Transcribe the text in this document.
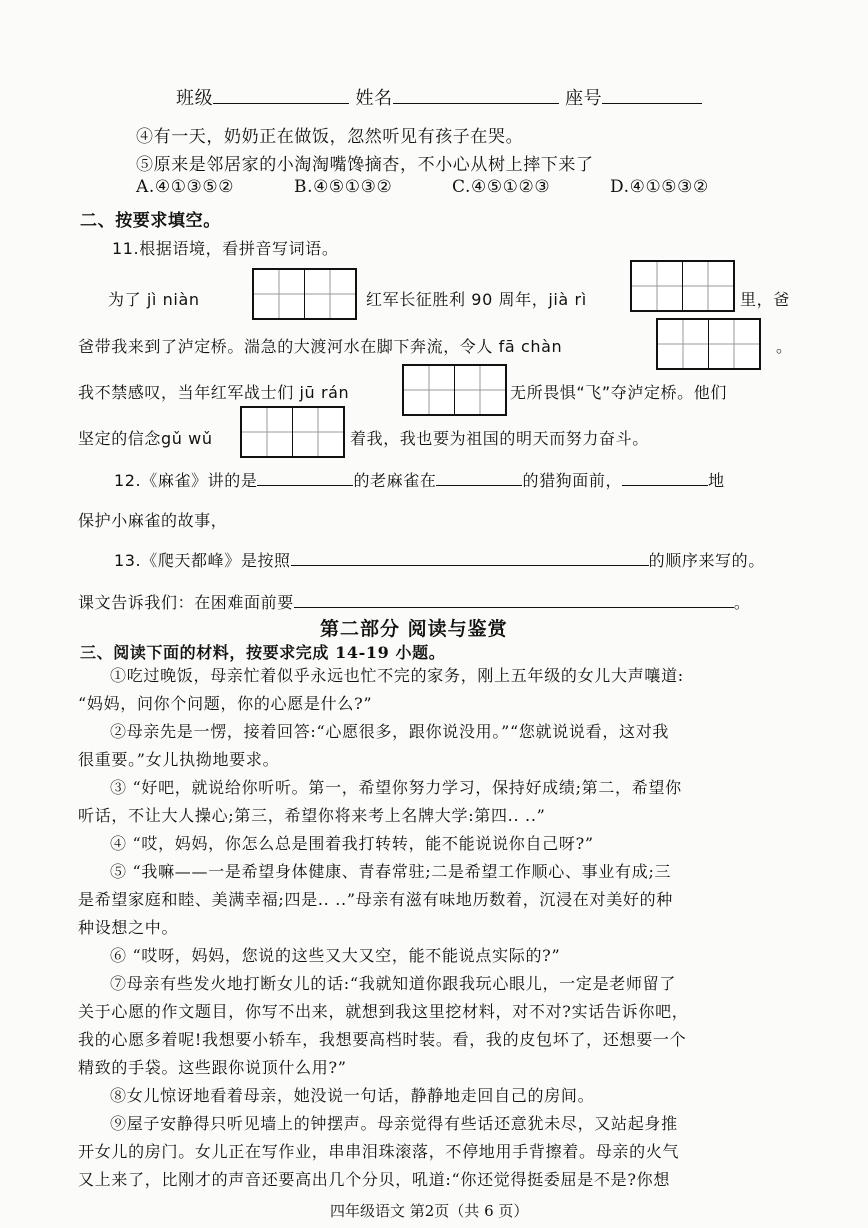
班级	姓名	座号
④有一天，奶奶正在做饭，忽然听见有孩子在哭。
⑤原来是邻居家的小淘淘嘴馋摘杏，不小心从树上摔下来了
A.④①③⑤②	B.④⑤①③②	C.④⑤①②③	D.④①⑤③②
二、按要求填空。
11.根据语境，看拼音写词语。
为了 jì niàn	红军长征胜利 90 周年，jià rì	里，爸
爸带我来到了泸定桥。湍急的大渡河水在脚下奔流，令人 fā chàn	。
我不禁感叹，当年红军战士们 jū rán	无所畏惧“飞”夺泸定桥。他们
坚定的信念gǔ wǔ	着我，我也要为祖国的明天而努力奋斗。
12.《麻雀》讲的是	的老麻雀在	的猎狗面前，	地
保护小麻雀的故事，
13.《爬天都峰》是按照	的顺序来写的。
课文告诉我们：在困难面前要	。
第二部分 阅读与鉴赏
三、阅读下面的材料，按要求完成 14-19 小题。
①吃过晚饭，母亲忙着似乎永远也忙不完的家务，刚上五年级的女儿大声嚷道:
“妈妈，问你个问题，你的心愿是什么?”
②母亲先是一愣，接着回答:“心愿很多，跟你说没用。”“您就说说看，这对我
很重要。”女儿执拗地要求。
③ “好吧，就说给你听听。第一，希望你努力学习，保持好成绩;第二，希望你
听话，不让大人操心;第三，希望你将来考上名牌大学:第四.. ..”
④ “哎，妈妈，你怎么总是围着我打转转，能不能说说你自己呀?”
⑤ “我嘛——一是希望身体健康、青春常驻;二是希望工作顺心、事业有成;三
是希望家庭和睦、美满幸福;四是.. ..”母亲有滋有味地历数着，沉浸在对美好的种
种设想之中。
⑥ “哎呀，妈妈，您说的这些又大又空，能不能说点实际的?”
⑦母亲有些发火地打断女儿的话:“我就知道你跟我玩心眼儿，一定是老师留了
关于心愿的作文题目，你写不出来，就想到我这里挖材料，对不对?实话告诉你吧，
我的心愿多着呢!我想要小轿车，我想要高档时装。看，我的皮包坏了，还想要一个
精致的手袋。这些跟你说顶什么用?”
⑧女儿惊讶地看着母亲，她没说一句话，静静地走回自己的房间。
⑨屋子安静得只听见墙上的钟摆声。母亲觉得有些话还意犹未尽，又站起身推
开女儿的房门。女儿正在写作业，串串泪珠滚落，不停地用手背擦着。母亲的火气
又上来了，比刚才的声音还要高出几个分贝，吼道:“你还觉得挺委屈是不是?你想
四年级语文 第2页（共 6 页）
